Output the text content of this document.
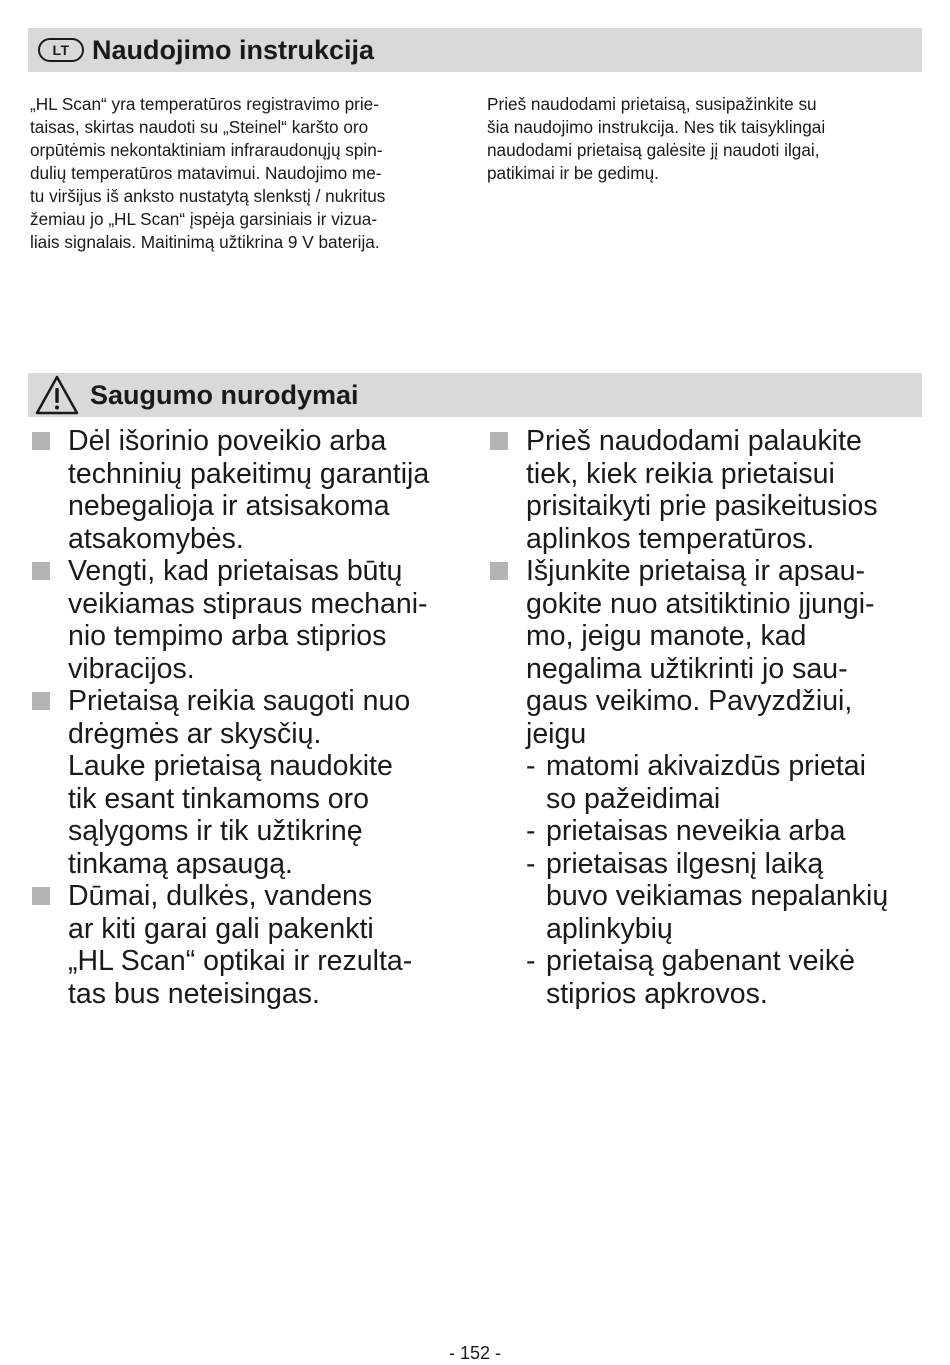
LT Naudojimo instrukcija
„HL Scan“ yra temperatūros registravimo prie-
taisas, skirtas naudoti su „Steinel“ karšto oro
orpūtėmis nekontaktiniam infraraudonųjų spin-
dulių temperatūros matavimui. Naudojimo me-
tu viršijus iš anksto nustatytą slenkstį / nukritus
žemiau jo „HL Scan“ įspėja garsiniais ir vizua-
liais signalais. Maitinimą užtikrina 9 V baterija.
Prieš naudodami prietaisą, susipažinkite su
šia naudojimo instrukcija. Nes tik taisyklingai
naudodami prietaisą galėsite jį naudoti ilgai,
patikimai ir be gedimų.
Saugumo nurodymai
Dėl išorinio poveikio arba
techninių pakeitimų garantija
nebegalioja ir atsisakoma
atsakomybės.
Vengti, kad prietaisas būtų
veikiamas stipraus mechani-
nio tempimo arba stiprios
vibracijos.
Prietaisą reikia saugoti nuo
drėgmės ar skysčių.
Lauke prietaisą naudokite
tik esant tinkamoms oro
sąlygoms ir tik užtikrinę
tinkamą apsaugą.
Dūmai, dulkės, vandens
ar kiti garai gali pakenkti
„HL Scan“ optikai ir rezulta-
tas bus neteisingas.
Prieš naudodami palaukite
tiek, kiek reikia prietaisui
prisitaikyti prie pasikeitusios
aplinkos temperatūros.
Išjunkite prietaisą ir apsau-
gokite nuo atsitiktinio įjungi-
mo, jeigu manote, kad
negalima užtikrinti jo sau-
gaus veikimo. Pavyzdžiui,
jeigu
- matomi akivaizdūs prietai
so pažeidimai
- prietaisas neveikia arba
- prietaisas ilgesnį laiką
buvo veikiamas nepalankių
aplinkybių
- prietaisą gabenant veikė
stiprios apkrovos.
- 152 -
